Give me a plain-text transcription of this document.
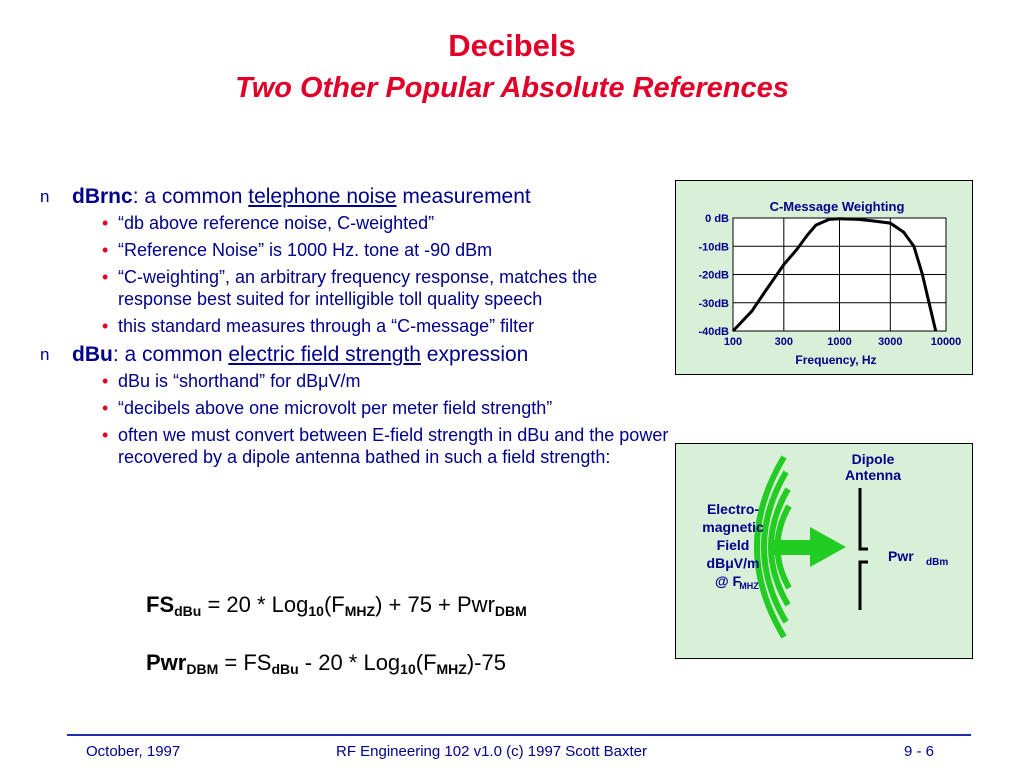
Decibels
Two Other Popular Absolute References
n dBrnc: a common telephone noise measurement
• “db above reference noise, C-weighted”
• “Reference Noise” is 1000 Hz. tone at -90 dBm
• “C-weighting”, an arbitrary frequency response, matches the response best suited for intelligible toll quality speech
• this standard measures through a “C-message” filter
n dBu: a common electric field strength expression
• dBu is “shorthand” for dBμV/m
• “decibels above one microvolt per meter field strength”
• often we must convert between E-field strength in dBu and the power recovered by a dipole antenna bathed in such a field strength:
$FS_{dBu} = 20 * Log_{10}(F_{MHZ}) + 75 + Pwr_{DBM}$
$Pwr_{DBM} = FS_{dBu} - 20 * Log_{10}(F_{MHZ})-75$
C-Message Weighting
0 dB
-10dB
-20dB
-30dB
-40dB
100	300	1000 3000	10000
Frequency, Hz
Dipole
Antenna
Electro-
magnetic
Field
dBμV/m
@ F
MHZ
Pwr dBm
October, 1997	RF Engineering 102 v1.0 (c) 1997 Scott Baxter	9 - 6
